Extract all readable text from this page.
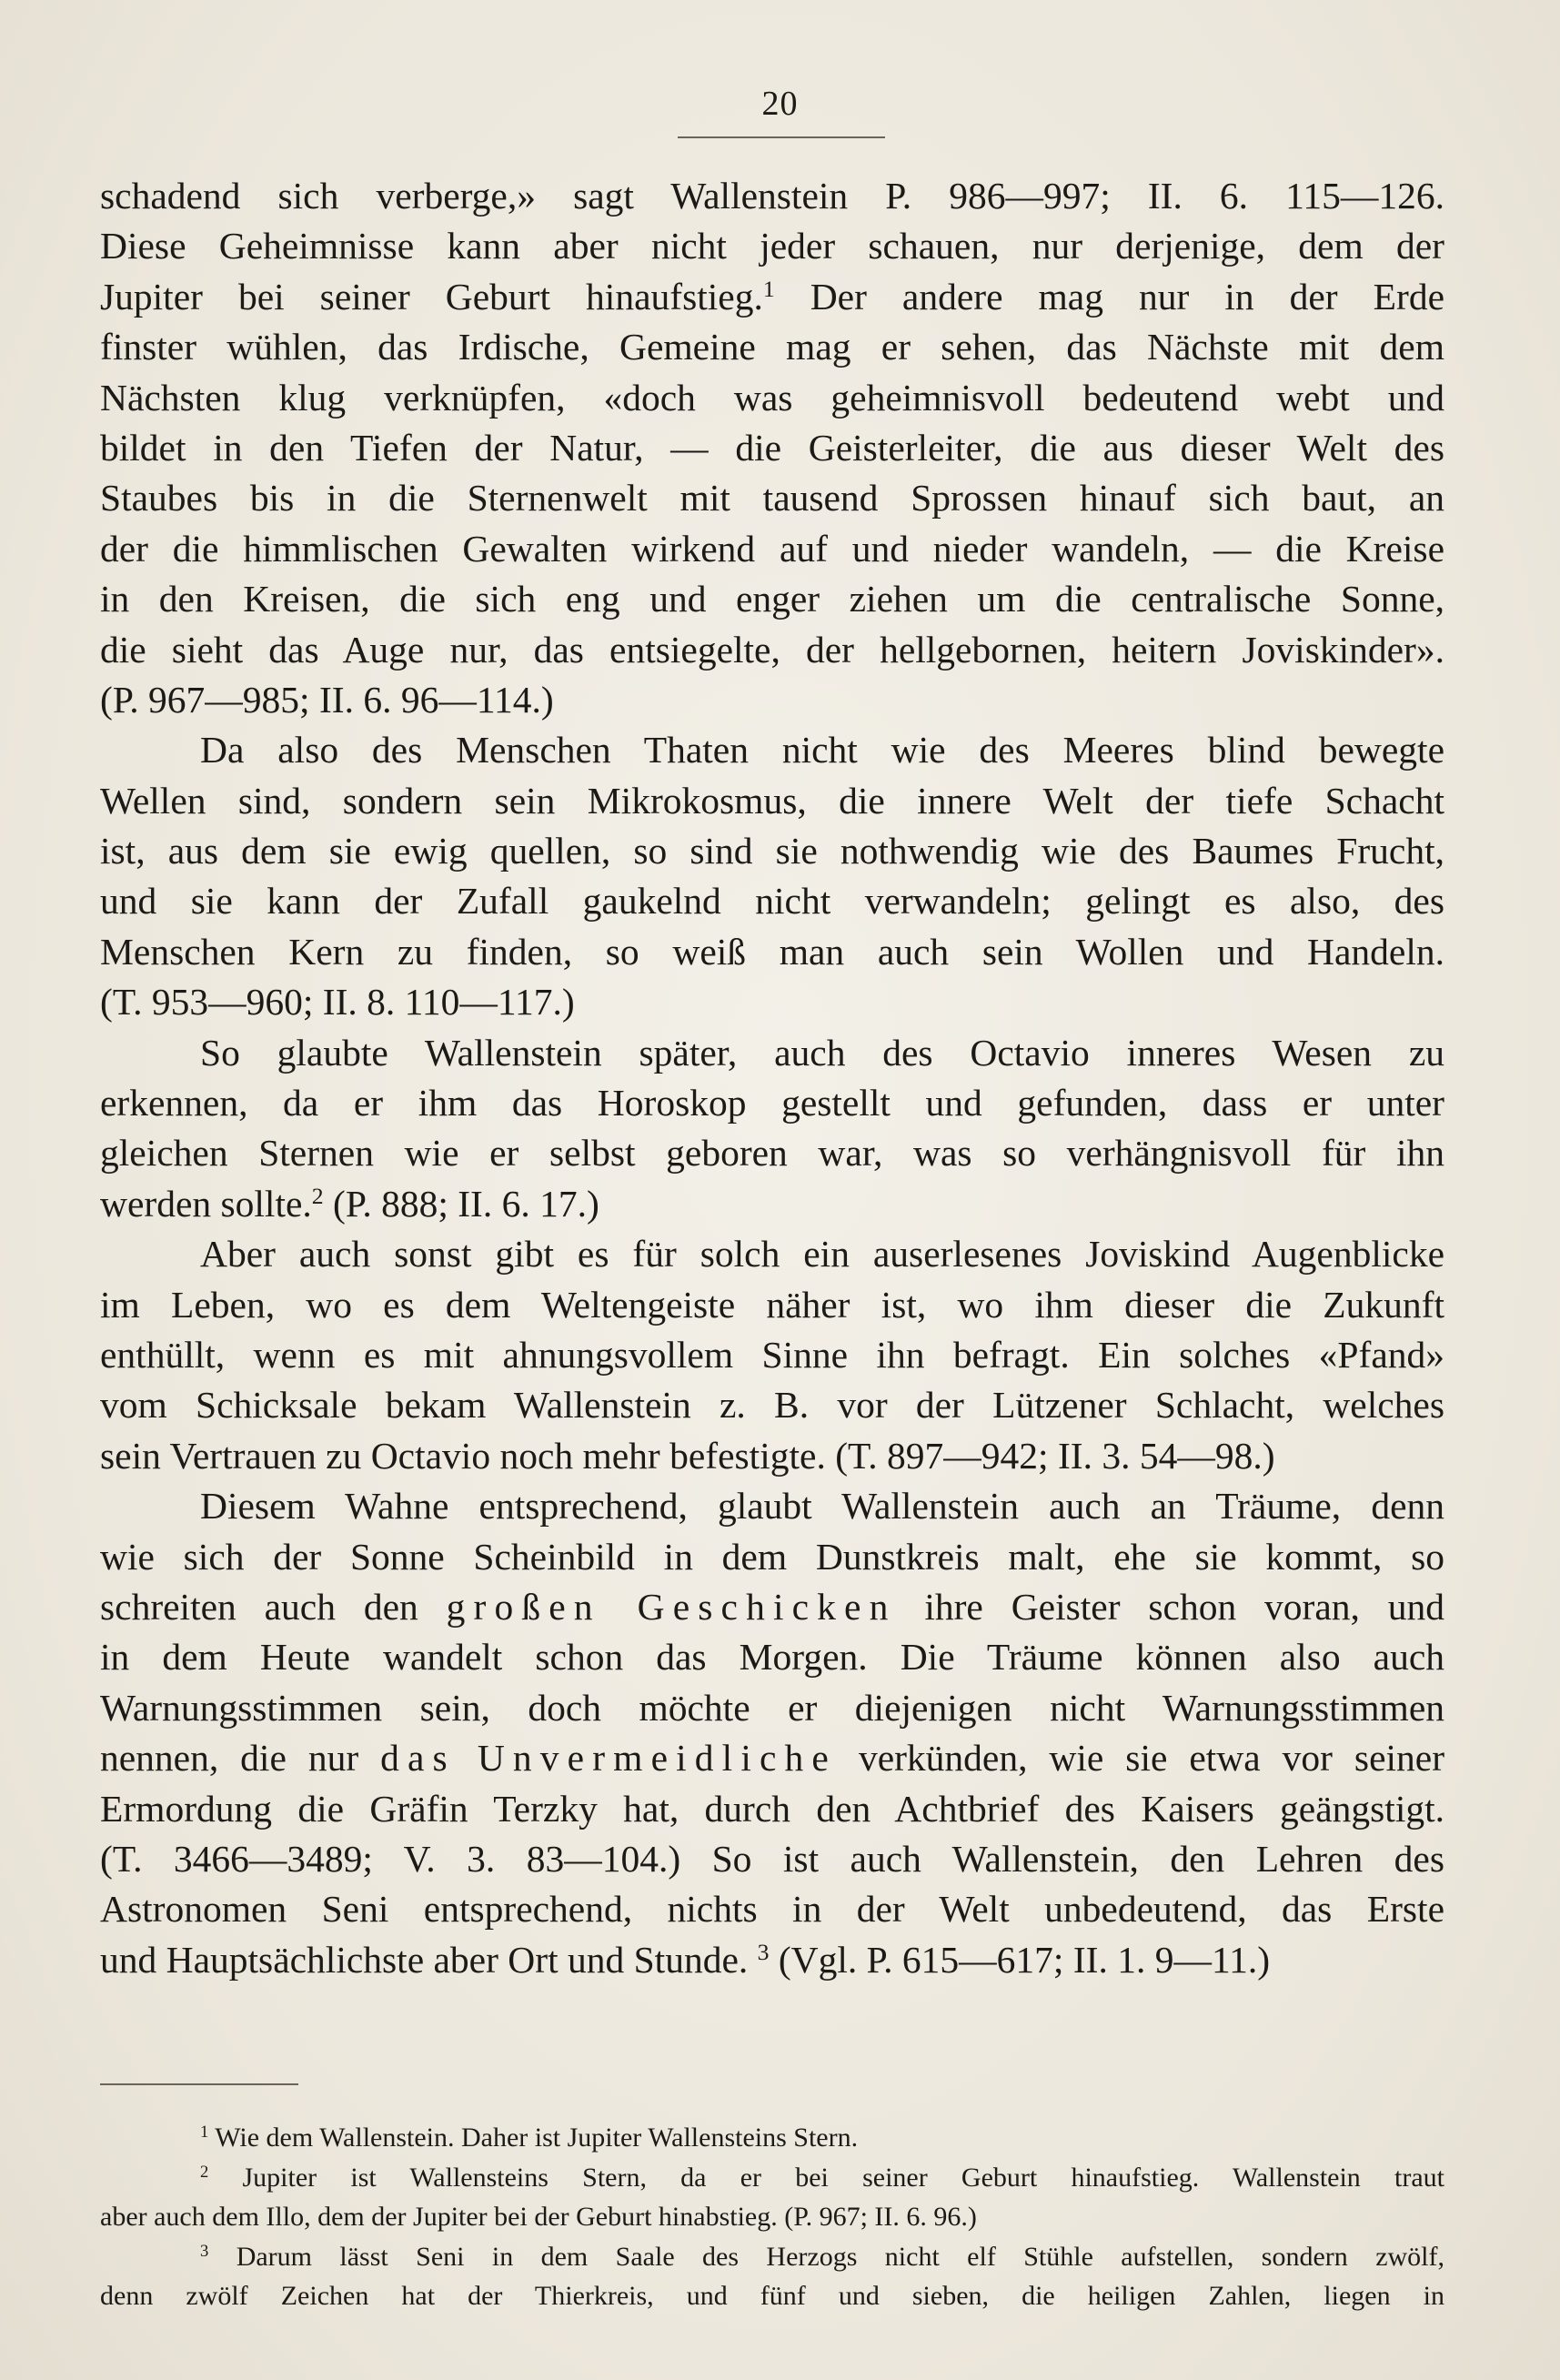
20
schadend sich verberge,» sagt Wallenstein P. 986—997; II. 6. 115—126.
Diese Geheimnisse kann aber nicht jeder schauen, nur derjenige, dem der
Jupiter bei seiner Geburt hinaufstieg.$^1$ Der andere mag nur in der Erde
finster wühlen, das Irdische, Gemeine mag er sehen, das Nächste mit dem
Nächsten klug verknüpfen, «doch was geheimnisvoll bedeutend webt und
bildet in den Tiefen der Natur, — die Geisterleiter, die aus dieser Welt des
Staubes bis in die Sternenwelt mit tausend Sprossen hinauf sich baut, an
der die himmlischen Gewalten wirkend auf und nieder wandeln, — die Kreise
in den Kreisen, die sich eng und enger ziehen um die centralische Sonne,
die sieht das Auge nur, das entsiegelte, der hellgebornen, heitern Joviskinder».
(P. 967—985; II. 6. 96—114.)
Da also des Menschen Thaten nicht wie des Meeres blind bewegte
Wellen sind, sondern sein Mikrokosmus, die innere Welt der tiefe Schacht
ist, aus dem sie ewig quellen, so sind sie nothwendig wie des Baumes Frucht,
und sie kann der Zufall gaukelnd nicht verwandeln; gelingt es also, des
Menschen Kern zu finden, so weiß man auch sein Wollen und Handeln.
(T. 953—960; II. 8. 110—117.)
So glaubte Wallenstein später, auch des Octavio inneres Wesen zu
erkennen, da er ihm das Horoskop gestellt und gefunden, dass er unter
gleichen Sternen wie er selbst geboren war, was so verhängnisvoll für ihn
werden sollte.$^2$ (P. 888; II. 6. 17.)
Aber auch sonst gibt es für solch ein auserlesenes Joviskind Augenblicke
im Leben, wo es dem Weltengeiste näher ist, wo ihm dieser die Zukunft
enthüllt, wenn es mit ahnungsvollem Sinne ihn befragt. Ein solches «Pfand»
vom Schicksale bekam Wallenstein z. B. vor der Lützener Schlacht, welches
sein Vertrauen zu Octavio noch mehr befestigte. (T. 897—942; II. 3. 54—98.)
Diesem Wahne entsprechend, glaubt Wallenstein auch an Träume, denn
wie sich der Sonne Scheinbild in dem Dunstkreis malt, ehe sie kommt, so
schreiten auch den großen Geschicken ihre Geister schon voran, und
in dem Heute wandelt schon das Morgen. Die Träume können also auch
Warnungsstimmen sein, doch möchte er diejenigen nicht Warnungsstimmen
nennen, die nur das Unvermeidliche verkünden, wie sie etwa vor seiner
Ermordung die Gräfin Terzky hat, durch den Achtbrief des Kaisers geängstigt.
(T. 3466—3489; V. 3. 83—104.) So ist auch Wallenstein, den Lehren des
Astronomen Seni entsprechend, nichts in der Welt unbedeutend, das Erste
und Hauptsächlichste aber Ort und Stunde. $^3$ (Vgl. P. 615—617; II. 1. 9—11.)
$^1$ Wie dem Wallenstein. Daher ist Jupiter Wallensteins Stern.
$^2$ Jupiter ist Wallensteins Stern, da er bei seiner Geburt hinaufstieg. Wallenstein traut
aber auch dem Illo, dem der Jupiter bei der Geburt hinabstieg. (P. 967; II. 6. 96.)
$^3$ Darum lässt Seni in dem Saale des Herzogs nicht elf Stühle aufstellen, sondern zwölf,
denn zwölf Zeichen hat der Thierkreis, und fünf und sieben, die heiligen Zahlen, liegen in
